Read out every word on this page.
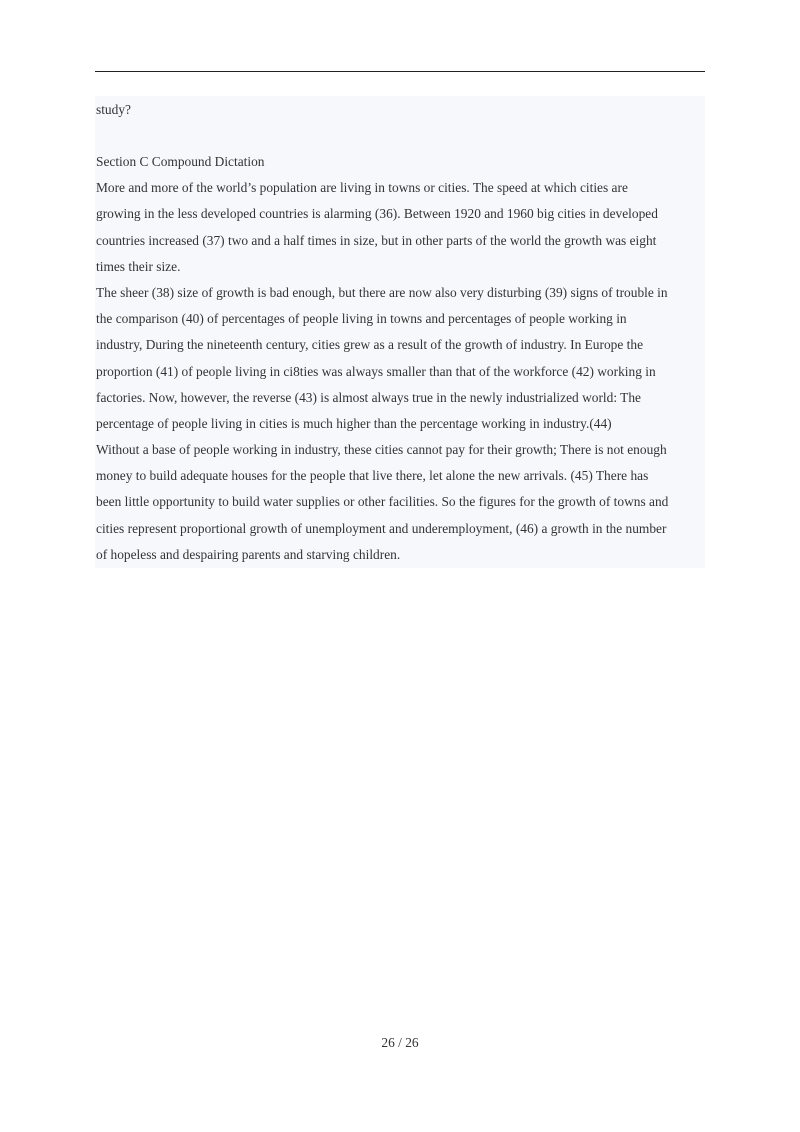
study?
Section C Compound Dictation
More and more of the world’s population are living in towns or cities. The speed at which cities are
growing in the less developed countries is alarming (36). Between 1920 and 1960 big cities in developed
countries increased (37) two and a half times in size, but in other parts of the world the growth was eight
times their size.
The sheer (38) size of growth is bad enough, but there are now also very disturbing (39) signs of trouble in
the comparison (40) of percentages of people living in towns and percentages of people working in
industry, During the nineteenth century, cities grew as a result of the growth of industry. In Europe the
proportion (41) of people living in ci8ties was always smaller than that of the workforce (42) working in
factories. Now, however, the reverse (43) is almost always true in the newly industrialized world: The
percentage of people living in cities is much higher than the percentage working in industry.(44)
Without a base of people working in industry, these cities cannot pay for their growth; There is not enough
money to build adequate houses for the people that live there, let alone the new arrivals. (45) There has
been little opportunity to build water supplies or other facilities. So the figures for the growth of towns and
cities represent proportional growth of unemployment and underemployment, (46) a growth in the number
of hopeless and despairing parents and starving children.
26 / 26
